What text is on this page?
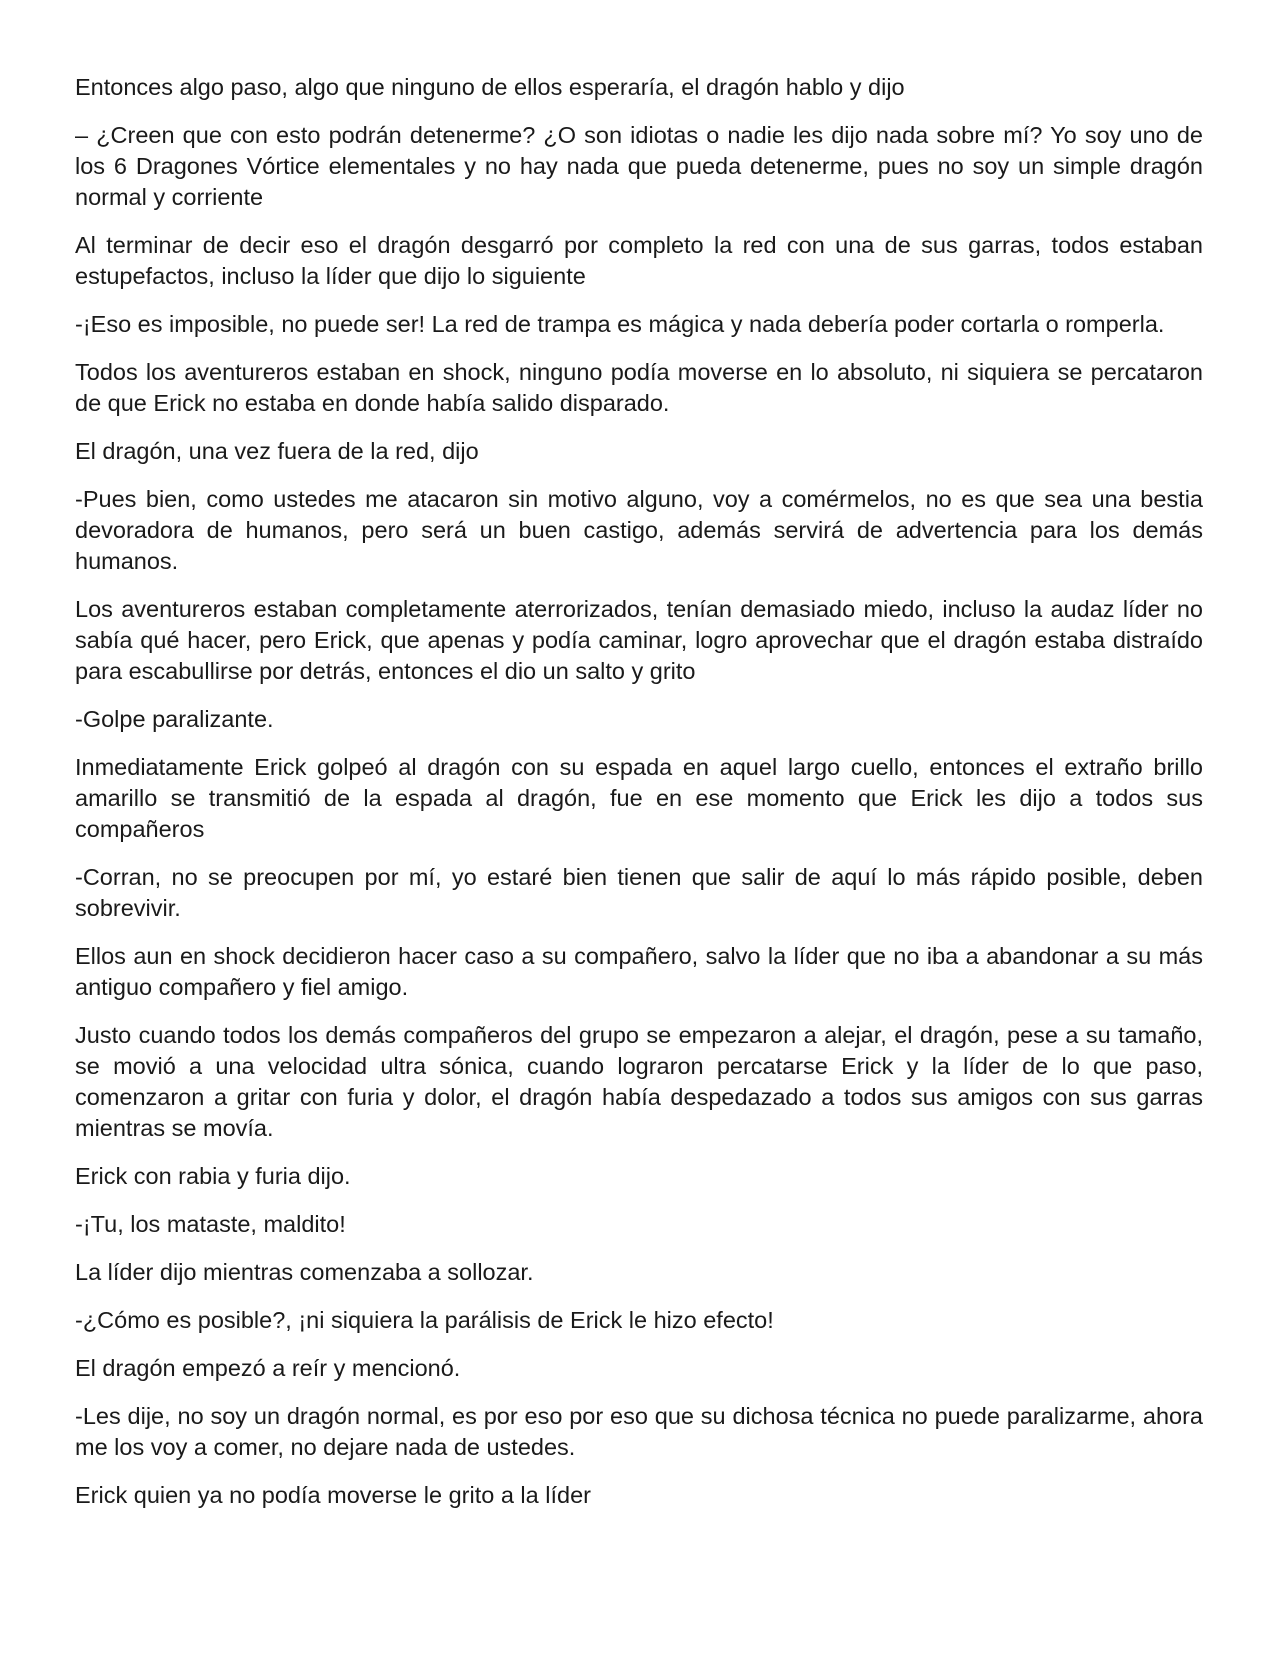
Entonces algo paso, algo que ninguno de ellos esperaría, el dragón hablo y dijo

– ¿Creen que con esto podrán detenerme? ¿O son idiotas o nadie les dijo nada sobre mí? Yo soy uno de los 6 Dragones Vórtice elementales y no hay nada que pueda detenerme, pues no soy un simple dragón normal y corriente

Al terminar de decir eso el dragón desgarró por completo la red con una de sus garras, todos estaban estupefactos, incluso la líder que dijo lo siguiente

-¡Eso es imposible, no puede ser! La red de trampa es mágica y nada debería poder cortarla o romperla.

Todos los aventureros estaban en shock, ninguno podía moverse en lo absoluto, ni siquiera se percataron de que Erick no estaba en donde había salido disparado.

El dragón, una vez fuera de la red, dijo

-Pues bien, como ustedes me atacaron sin motivo alguno, voy a comérmelos, no es que sea una bestia devoradora de humanos, pero será un buen castigo, además servirá de advertencia para los demás humanos.

Los aventureros estaban completamente aterrorizados, tenían demasiado miedo, incluso la audaz líder no sabía qué hacer, pero Erick, que apenas y podía caminar, logro aprovechar que el dragón estaba distraído para escabullirse por detrás, entonces el dio un salto y grito

-Golpe paralizante.

Inmediatamente Erick golpeó al dragón con su espada en aquel largo cuello, entonces el extraño brillo amarillo se transmitió de la espada al dragón, fue en ese momento que Erick les dijo a todos sus compañeros

-Corran, no se preocupen por mí, yo estaré bien tienen que salir de aquí lo más rápido posible, deben sobrevivir.

Ellos aun en shock decidieron hacer caso a su compañero, salvo la líder que no iba a abandonar a su más antiguo compañero y fiel amigo.

Justo cuando todos los demás compañeros del grupo se empezaron a alejar, el dragón, pese a su tamaño, se movió a una velocidad ultra sónica, cuando lograron percatarse Erick y la líder de lo que paso, comenzaron a gritar con furia y dolor, el dragón había despedazado a todos sus amigos con sus garras mientras se movía.

Erick con rabia y furia dijo.

-¡Tu, los mataste, maldito!

La líder dijo mientras comenzaba a sollozar.

-¿Cómo es posible?, ¡ni siquiera la parálisis de Erick le hizo efecto!

El dragón empezó a reír y mencionó.

-Les dije, no soy un dragón normal, es por eso por eso que su dichosa técnica no puede paralizarme, ahora me los voy a comer, no dejare nada de ustedes.

Erick quien ya no podía moverse le grito a la líder
